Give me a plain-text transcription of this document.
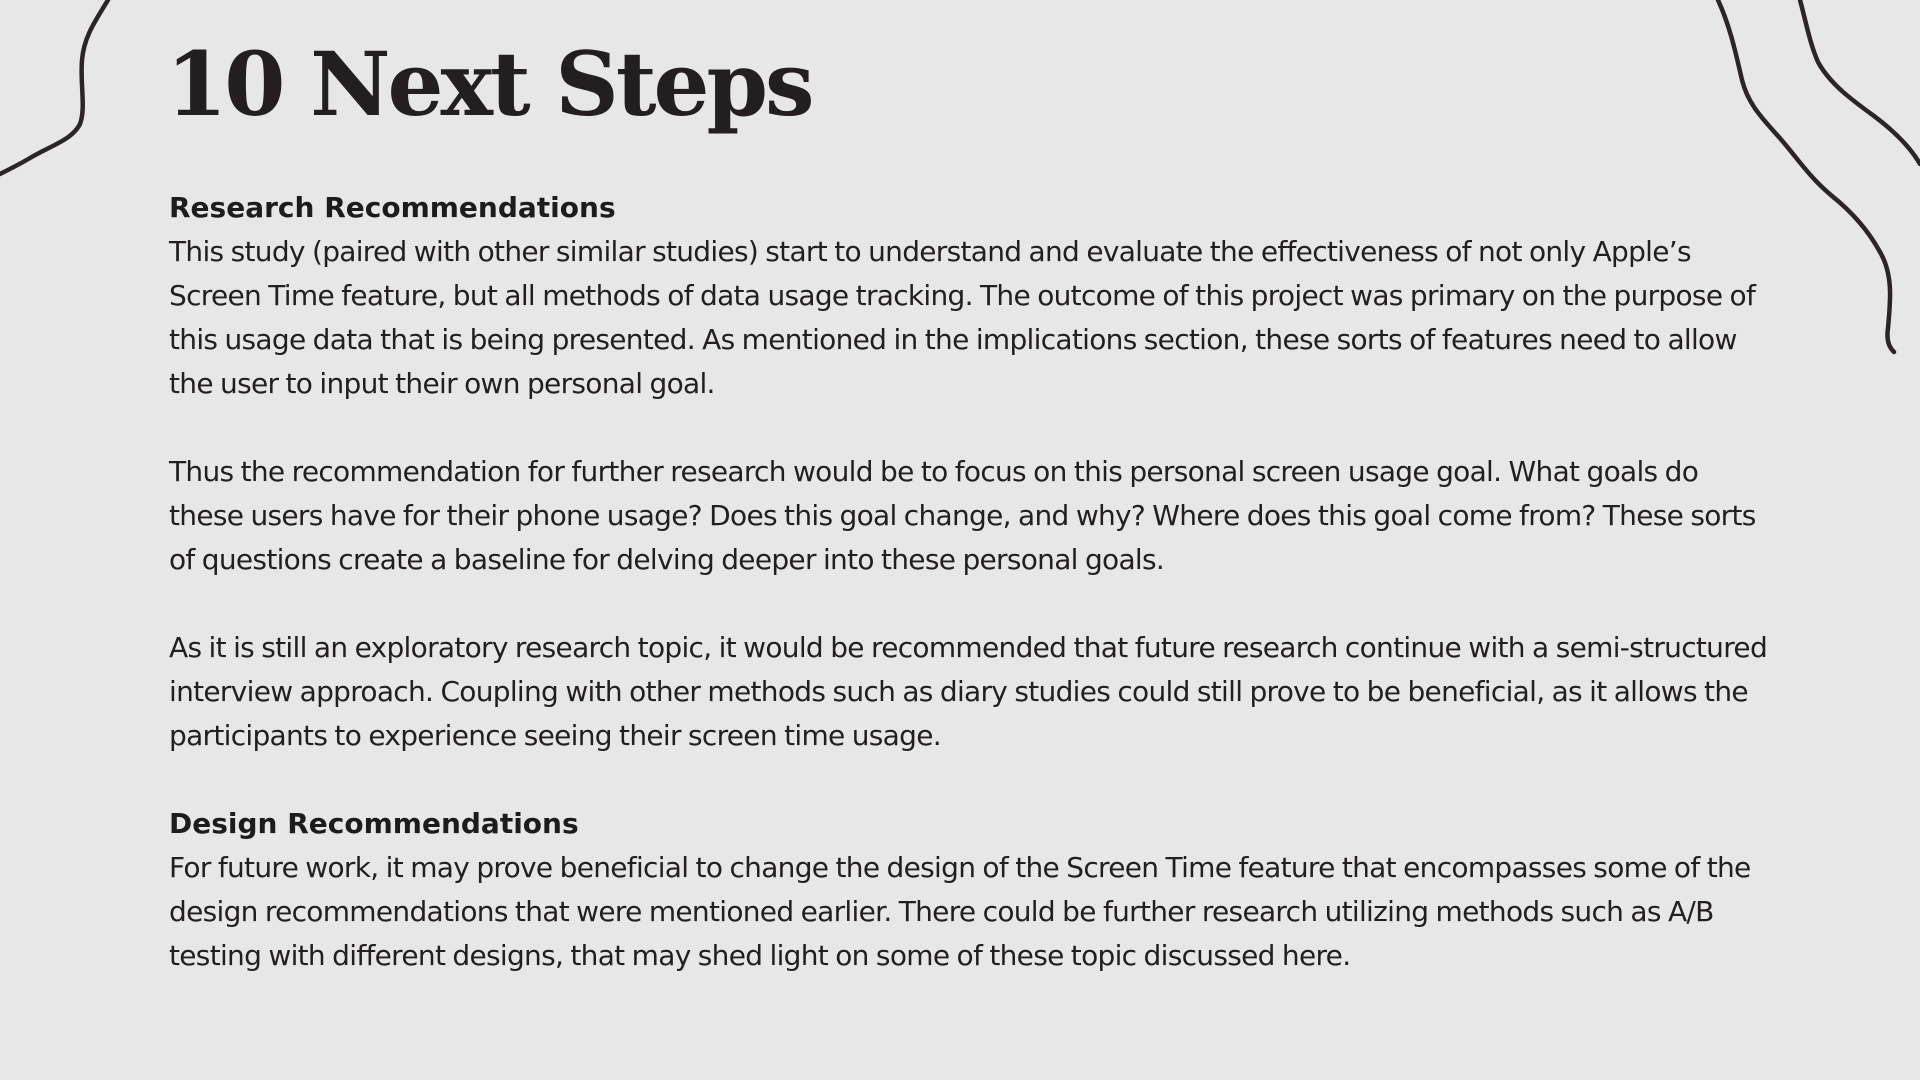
10 Next Steps
Research Recommendations

This study (paired with other similar studies) start to understand and evaluate the effectiveness of not only Apple’s Screen Time feature, but all methods of data usage tracking. The outcome of this project was primary on the purpose of this usage data that is being presented. As mentioned in the implications section, these sorts of features need to allow the user to input their own personal goal.

Thus the recommendation for further research would be to focus on this personal screen usage goal. What goals do these users have for their phone usage? Does this goal change, and why? Where does this goal come from? These sorts of questions create a baseline for delving deeper into these personal goals.

As it is still an exploratory research topic, it would be recommended that future research continue with a semi-structured interview approach. Coupling with other methods such as diary studies could still prove to be beneficial, as it allows the participants to experience seeing their screen time usage.

Design Recommendations

For future work, it may prove beneficial to change the design of the Screen Time feature that encompasses some of the design recommendations that were mentioned earlier. There could be further research utilizing methods such as A/B testing with different designs, that may shed light on some of these topic discussed here.
